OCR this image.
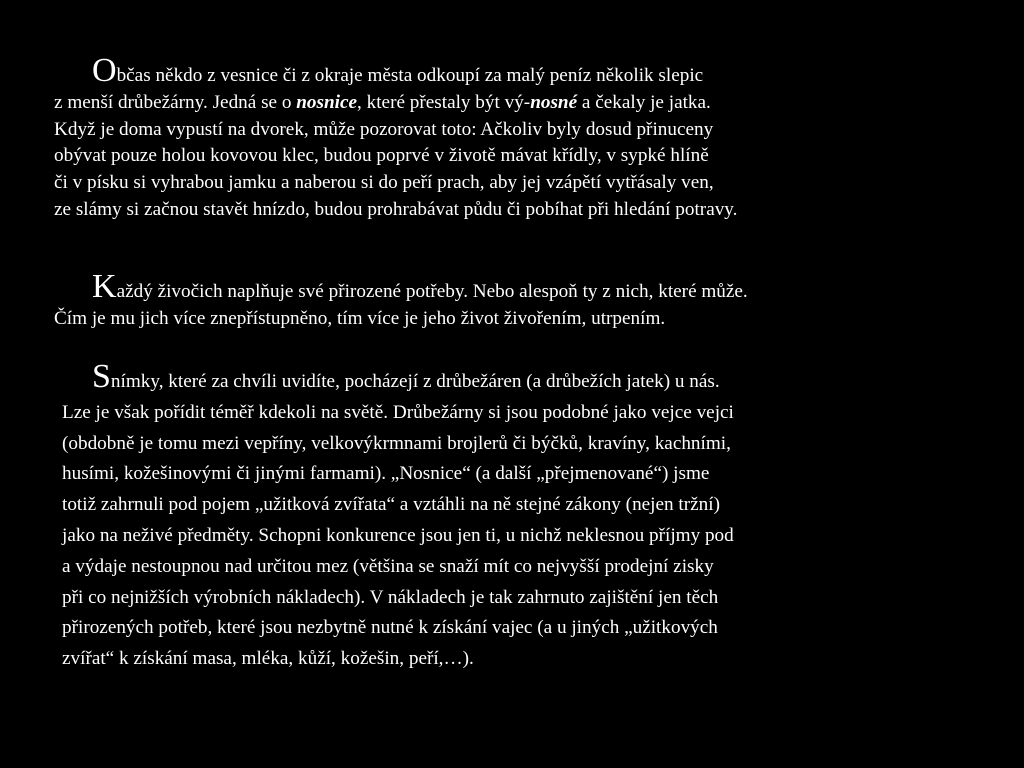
Občas někdo z vesnice či z okraje města odkoupí za malý peníz několik slepic
z menší drůbežárny. Jedná se o nosnice, které přestaly být vý-nosné a čekaly je jatka.
Když je doma vypustí na dvorek, může pozorovat toto: Ačkoliv byly dosud přinuceny
obývat pouze holou kovovou klec, budou poprvé v životě mávat křídly, v sypké hlíně
či v písku si vyhrabou jamku a naberou si do peří prach, aby jej vzápětí vytřásaly ven,
ze slámy si začnou stavět hnízdo, budou prohrabávat půdu či pobíhat při hledání potravy.

Každý živočich naplňuje své přirozené potřeby. Nebo alespoň ty z nich, které může.
Čím je mu jich více znepřístupněno, tím více je jeho život živořením, utrpením.

Snímky, které za chvíli uvidíte, pocházejí z drůbežáren (a drůbežích jatek) u nás.
Lze je však pořídit téměř kdekoli na světě. Drůbežárny si jsou podobné jako vejce vejci
(obdobně je tomu mezi vepříny, velkovýkrmnami brojlerů či býčků, kravíny, kachními,
husími, kožešinovými či jinými farmami). „Nosnice“ (a další „přejmenované“) jsme
totiž zahrnuli pod pojem „užitková zvířata“ a vztáhli na ně stejné zákony (nejen tržní)
jako na neživé předměty. Schopni konkurence jsou jen ti, u nichž neklesnou příjmy pod
a výdaje nestoupnou nad určitou mez (většina se snaží mít co nejvyšší prodejní zisky
při co nejnižších výrobních nákladech). V nákladech je tak zahrnuto zajištění jen těch
přirozených potřeb, které jsou nezbytně nutné k získání vajec (a u jiných „užitkových
zvířat“ k získání masa, mléka, kůží, kožešin, peří,…).
